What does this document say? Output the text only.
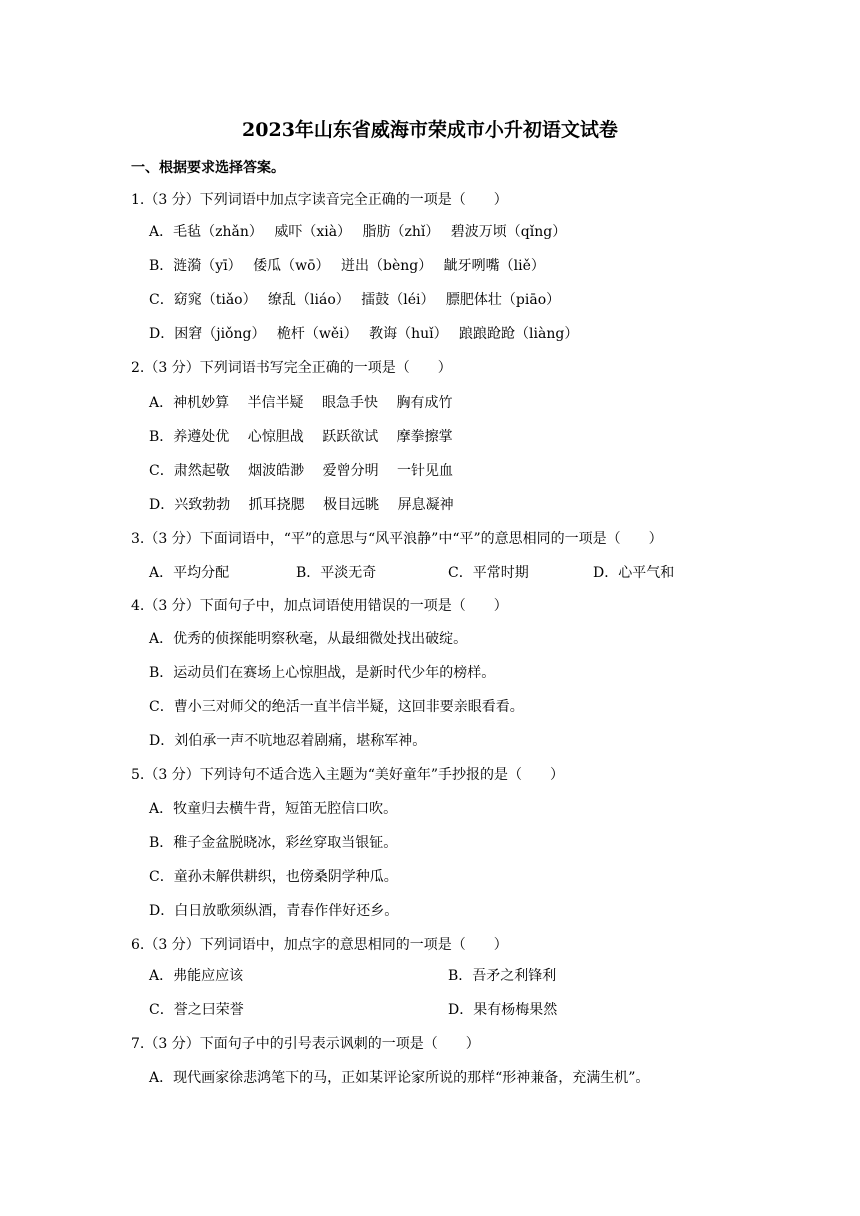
2023年山东省威海市荣成市小升初语文试卷
一、根据要求选择答案。
1.（3 分）下列词语中加点字读音完全正确的一项是（　　）
A．毛毡（zhǎn）　 威吓（xià）　 脂肪（zhǐ）　 碧波万顷（qǐng）
B．涟漪（yī）　 倭瓜（wō）　 迸出（bèng）　 龇牙咧嘴（liě）
C．窈窕（tiǎo）　 缭乱（liáo）　 擂鼓（léi）　 膘肥体壮（piāo）
D．困窘（jiǒng）　 桅杆（wěi）　 教诲（huǐ）　 踉踉跄跄（liàng）
2.（3 分）下列词语书写完全正确的一项是（　　）
A．神机妙算　 半信半疑　 眼急手快　 胸有成竹
B．养遵处优　 心惊胆战　 跃跃欲试　 摩拳擦掌
C．肃然起敬　 烟波皓渺　 爱曾分明　 一针见血
D．兴致勃勃　 抓耳挠腮　 极目远眺　 屏息凝神
3.（3 分）下面词语中，“平”的意思与“风平浪静”中“平”的意思相同的一项是（　　）
A．平均分配	B．平淡无奇	C．平常时期	D．心平气和
4.（3 分）下面句子中，加点词语使用错误的一项是（　　）
A．优秀的侦探能明察秋毫，从最细微处找出破绽。
B．运动员们在赛场上心惊胆战，是新时代少年的榜样。
C．曹小三对师父的绝活一直半信半疑，这回非要亲眼看看。
D．刘伯承一声不吭地忍着剧痛，堪称军神。
5.（3 分）下列诗句不适合选入主题为“美好童年”手抄报的是（　　）
A．牧童归去横牛背，短笛无腔信口吹。
B．稚子金盆脱晓冰，彩丝穿取当银钲。
C．童孙未解供耕织，也傍桑阴学种瓜。
D．白日放歌须纵酒，青春作伴好还乡。
6.（3 分）下列词语中，加点字的意思相同的一项是（　　）
A．弗能应应该	B．吾矛之利锋利
C．誉之曰荣誉	D．果有杨梅果然
7.（3 分）下面句子中的引号表示讽刺的一项是（　　）
A．现代画家徐悲鸿笔下的马，正如某评论家所说的那样“形神兼备，充满生机”。
